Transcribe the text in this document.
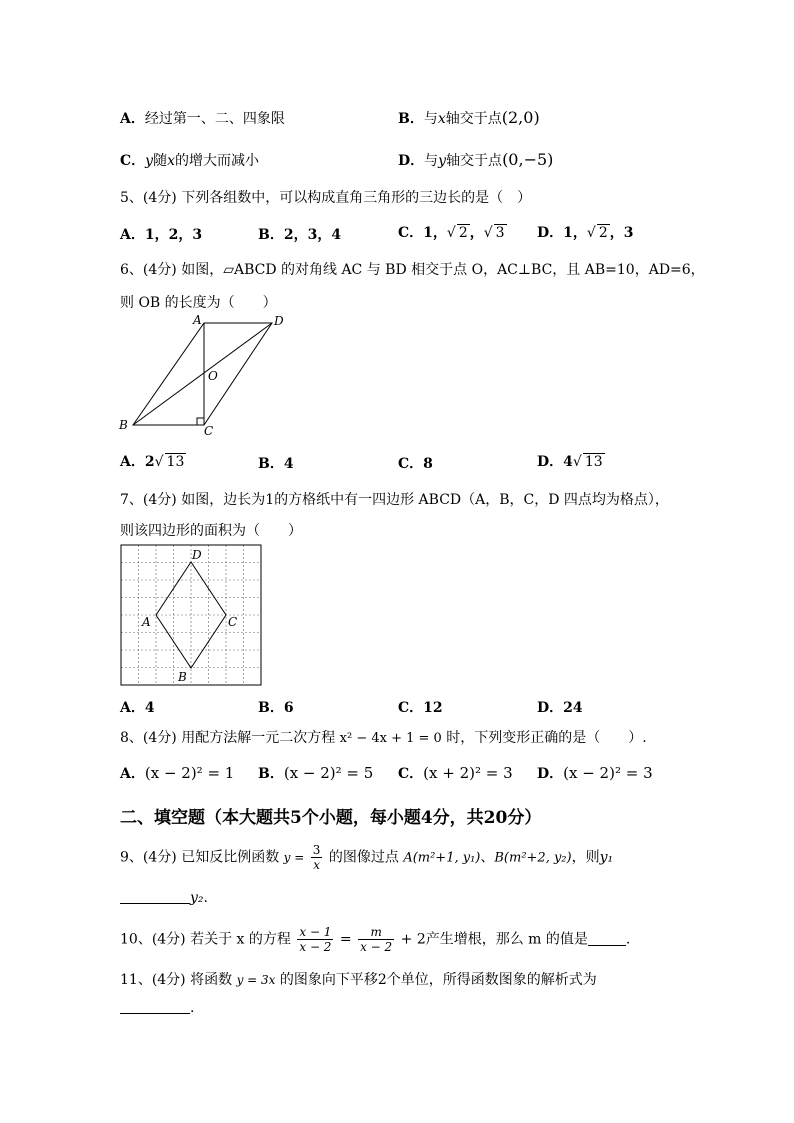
A．经过第一、二、四象限	B．与x轴交于点(2,0)
C．y随x的增大而减小	D．与y轴交于点(0,−5)
5、(4分) 下列各组数中，可以构成直角三角形的三边长的是（　）
A．1，2，3	B．2，3，4	C．1，√ 2 ，√ 3 D．1，√ 2 ，3
6、(4分) 如图，▱ABCD 的对角线 AC 与 BD 相交于点 O，AC⊥BC，且 AB=10，AD=6，
则 OB 的长度为（　　）
A	D
O
B	C
A．2√ 13	B．4	C．8	D．4√ 13
7、(4分) 如图，边长为1的方格纸中有一四边形 ABCD（A，B，C，D 四点均为格点），
则该四边形的面积为（　　）
A
B
C
D
A．4	B．6	C．12	D．24
8、(4分) 用配方法解一元二次方程 x² − 4x + 1 = 0 时，下列变形正确的是（　　）.
A．(x − 2)² = 1 B．(x − 2)² = 5 C．(x + 2)² = 3 D．(x − 2)² = 3
二、填空题（本大题共5个小题，每小题4分，共20分）
9、(4分) 已知反比例函数 $y = \frac{3}{x}$ 的图像过点 A(m²+1, y₁)、B(m²+2, y₂)，则y₁
y₂.
10、(4分) 若关于 x 的方程 $\frac{x - 1}{x - 2} = \frac{m}{x - 2} + 2$产生增根，那么 m 的值是	.
11、(4分) 将函数 y = 3x 的图象向下平移2个单位，所得函数图象的解析式为
.
